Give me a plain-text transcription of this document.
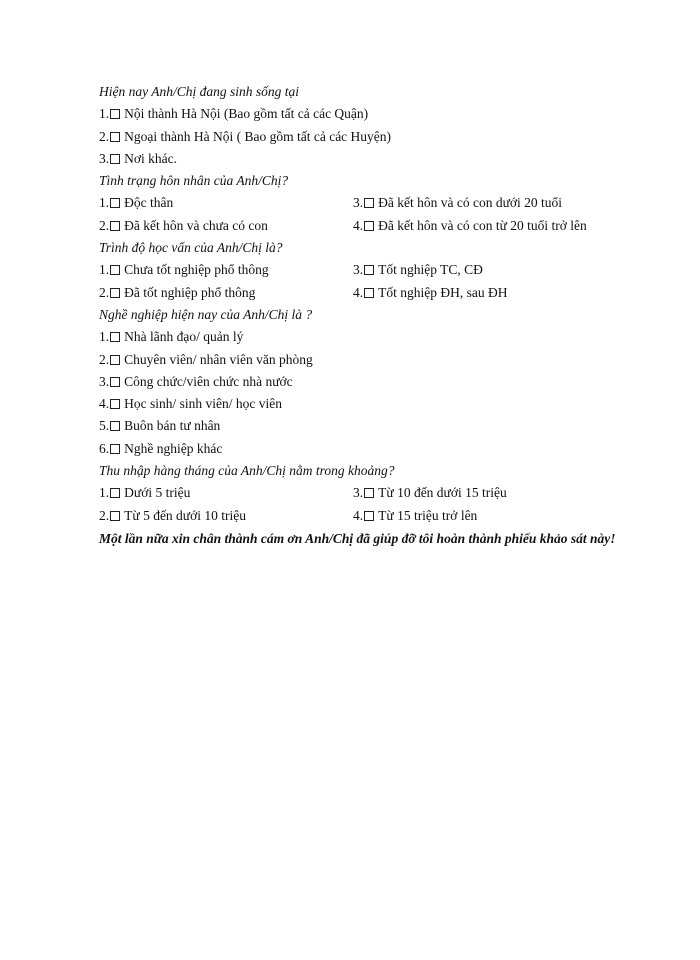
Hiện nay Anh/Chị đang sinh sống tại
1. Nội thành Hà Nội (Bao gồm tất cả các Quận)
2. Ngoại thành Hà Nội ( Bao gồm tất cả các Huyện)
3. Nơi khác.
Tình trạng hôn nhân của Anh/Chị?
1. Độc thân	3. Đã kết hôn và có con dưới 20 tuổi
2. Đã kết hôn và chưa có con	4. Đã kết hôn và có con từ 20 tuổi trở lên
Trình độ học vấn của Anh/Chị là?
1. Chưa tốt nghiệp phổ thông	3. Tốt nghiệp TC, CĐ
2. Đã tốt nghiệp phổ thông	4. Tốt nghiệp ĐH, sau ĐH
Nghề nghiệp hiện nay của Anh/Chị là ?
1. Nhà lãnh đạo/ quản lý
2. Chuyên viên/ nhân viên văn phòng
3. Công chức/viên chức nhà nước
4. Học sinh/ sinh viên/ học viên
5. Buôn bán tư nhân
6. Nghề nghiệp khác
Thu nhập hàng tháng của Anh/Chị nằm trong khoảng?
1. Dưới 5 triệu	3. Từ 10 đến dưới 15 triệu
2. Từ 5 đến dưới 10 triệu	4. Từ 15 triệu trở lên
Một lần nữa xin chân thành cám ơn Anh/Chị đã giúp đỡ tôi hoàn thành phiếu khảo sát này!
